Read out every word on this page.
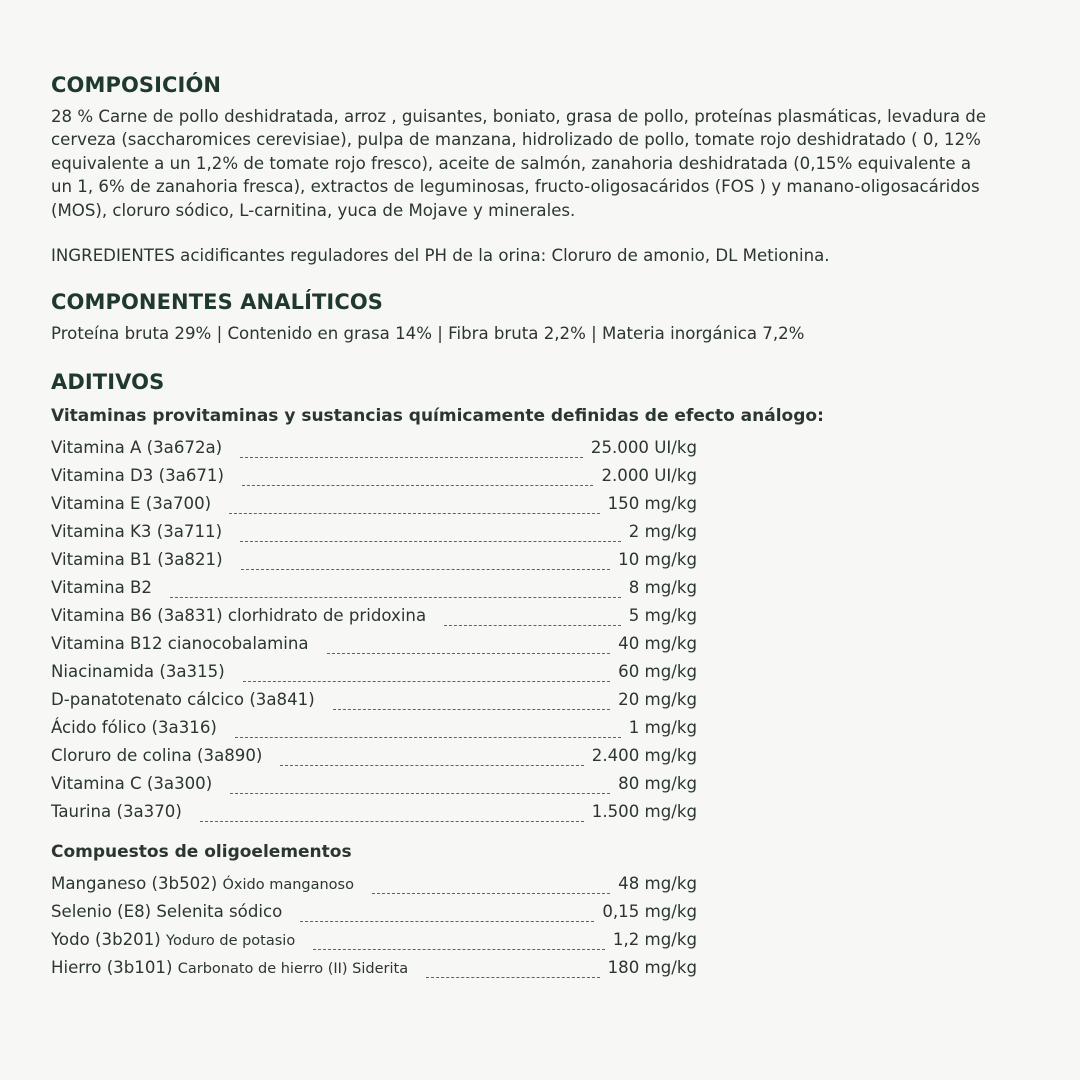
COMPOSICIÓN

28 % Carne de pollo deshidratada, arroz , guisantes, boniato, grasa de pollo, proteínas plasmáticas, levadura de cerveza (saccharomices cerevisiae), pulpa de manzana, hidrolizado de pollo, tomate rojo deshidratado ( 0, 12% equivalente a un 1,2% de tomate rojo fresco), aceite de salmón, zanahoria deshidratada (0,15% equivalente a un 1, 6% de zanahoria fresca), extractos de leguminosas, fructo-oligosacáridos (FOS ) y manano-oligosacáridos (MOS), cloruro sódico, L-carnitina, yuca de Mojave y minerales.

INGREDIENTES acidificantes reguladores del PH de la orina: Cloruro de amonio, DL Metionina.

COMPONENTES ANALÍTICOS

Proteína bruta 29% | Contenido en grasa 14% | Fibra bruta 2,2% | Materia inorgánica 7,2%

ADITIVOS
Vitaminas provitaminas y sustancias químicamente definidas de efecto análogo:
Vitamina A (3a672a)	25.000 UI/kg
Vitamina D3 (3a671)	2.000 UI/kg
Vitamina E (3a700)	150 mg/kg
Vitamina K3 (3a711)	2 mg/kg
Vitamina B1 (3a821)	10 mg/kg
Vitamina B2	8 mg/kg
Vitamina B6 (3a831) clorhidrato de pridoxina	5 mg/kg
Vitamina B12 cianocobalamina	40 mg/kg
Niacinamida (3a315)	60 mg/kg
D-panatotenato cálcico (3a841)	20 mg/kg
Ácido fólico (3a316)	1 mg/kg
Cloruro de colina (3a890)	2.400 mg/kg
Vitamina C (3a300)	80 mg/kg
Taurina (3a370)	1.500 mg/kg
Compuestos de oligoelementos
Manganeso (3b502) Óxido manganoso	48 mg/kg
Selenio (E8) Selenita sódico	0,15 mg/kg
Yodo (3b201) Yoduro de potasio	1,2 mg/kg
Hierro (3b101) Carbonato de hierro (II) Siderita	180 mg/kg
